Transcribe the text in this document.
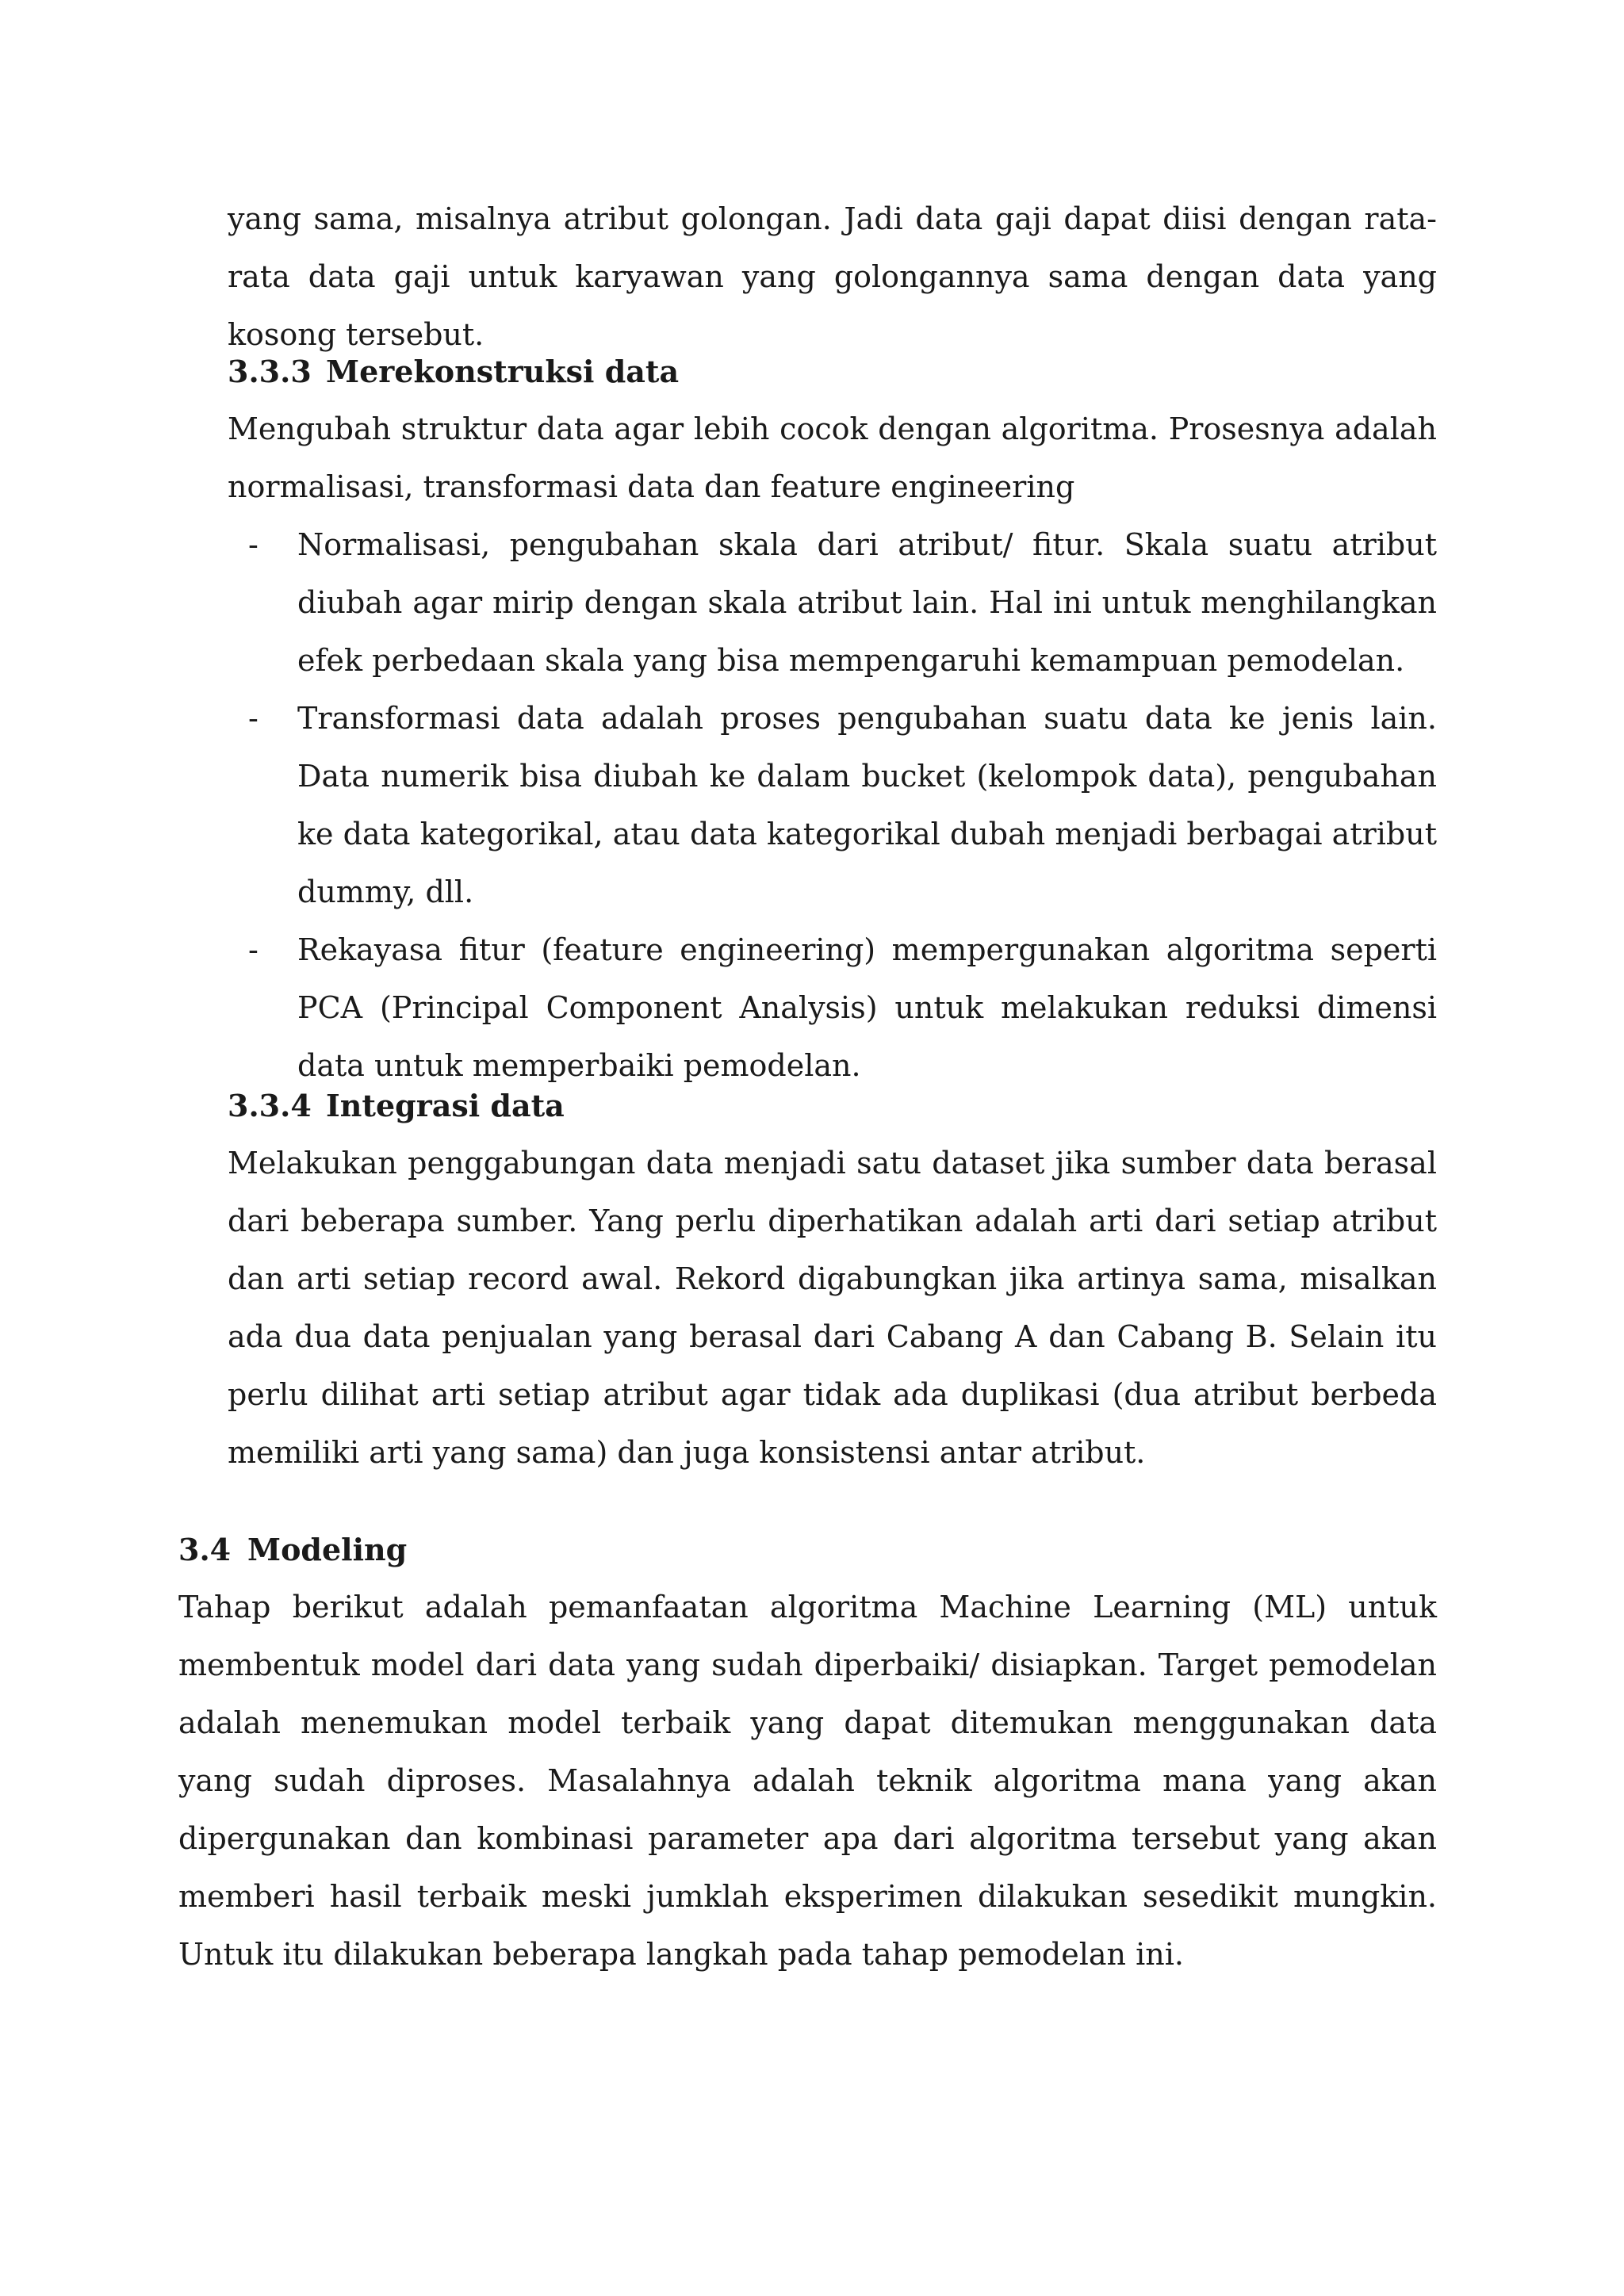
yang sama, misalnya atribut golongan. Jadi data gaji dapat diisi dengan rata-rata data gaji untuk karyawan yang golongannya sama dengan data yang kosong tersebut.

3.3.3 Merekonstruksi data

Mengubah struktur data agar lebih cocok dengan algoritma. Prosesnya adalah normalisasi, transformasi data dan feature engineering

- Normalisasi, pengubahan skala dari atribut/ fitur. Skala suatu atribut diubah agar mirip dengan skala atribut lain. Hal ini untuk menghilangkan efek perbedaan skala yang bisa mempengaruhi kemampuan pemodelan.
- Transformasi data adalah proses pengubahan suatu data ke jenis lain. Data numerik bisa diubah ke dalam bucket (kelompok data), pengubahan ke data kategorikal, atau data kategorikal dubah menjadi berbagai atribut dummy, dll.
- Rekayasa fitur (feature engineering) mempergunakan algoritma seperti PCA (Principal Component Analysis) untuk melakukan reduksi dimensi data untuk memperbaiki pemodelan.
3.3.4 Integrasi data

Melakukan penggabungan data menjadi satu dataset jika sumber data berasal dari beberapa sumber. Yang perlu diperhatikan adalah arti dari setiap atribut dan arti setiap record awal. Rekord digabungkan jika artinya sama, misalkan ada dua data penjualan yang berasal dari Cabang A dan Cabang B. Selain itu perlu dilihat arti setiap atribut agar tidak ada duplikasi (dua atribut berbeda memiliki arti yang sama) dan juga konsistensi antar atribut.

3.4 Modeling

Tahap berikut adalah pemanfaatan algoritma Machine Learning (ML) untuk membentuk model dari data yang sudah diperbaiki/ disiapkan. Target pemodelan adalah menemukan model terbaik yang dapat ditemukan menggunakan data yang sudah diproses. Masalahnya adalah teknik algoritma mana yang akan dipergunakan dan kombinasi parameter apa dari algoritma tersebut yang akan memberi hasil terbaik meski jumklah eksperimen dilakukan sesedikit mungkin. Untuk itu dilakukan beberapa langkah pada tahap pemodelan ini.
